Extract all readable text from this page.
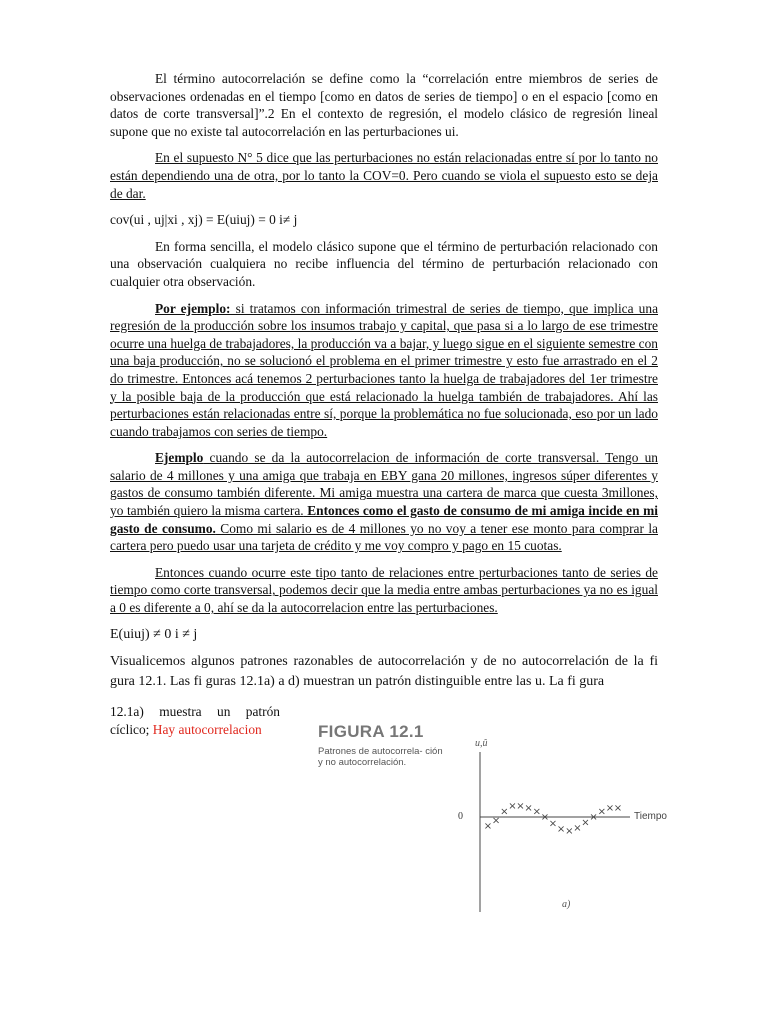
El término autocorrelación se define como la “correlación entre miembros de series de observaciones ordenadas en el tiempo [como en datos de series de tiempo] o en el espacio [como en datos de corte transversal]”.2 En el contexto de regresión, el modelo clásico de regresión lineal supone que no existe tal autocorrelación en las perturbaciones ui.

En el supuesto N° 5 dice que las perturbaciones no están relacionadas entre sí por lo tanto no están dependiendo una de otra, por lo tanto la COV=0. Pero cuando se viola el supuesto esto se deja de dar.

cov(ui , uj|xi , xj) = E(uiuj) = 0 i≠ j

En forma sencilla, el modelo clásico supone que el término de perturbación relacionado con una observación cualquiera no recibe influencia del término de perturbación relacionado con cualquier otra observación.

Por ejemplo: si tratamos con información trimestral de series de tiempo, que implica una regresión de la producción sobre los insumos trabajo y capital, que pasa si a lo largo de ese trimestre ocurre una huelga de trabajadores, la producción va a bajar, y luego sigue en el siguiente semestre con una baja producción, no se solucionó el problema en el primer trimestre y esto fue arrastrado en el 2 do trimestre. Entonces acá tenemos 2 perturbaciones tanto la huelga de trabajadores del 1er trimestre y la posible baja de la producción que está relacionado la huelga también de trabajadores. Ahí las perturbaciones están relacionadas entre sí, porque la problemática no fue solucionada, eso por un lado cuando trabajamos con series de tiempo.

Ejemplo cuando se da la autocorrelacion de información de corte transversal. Tengo un salario de 4 millones y una amiga que trabaja en EBY gana 20 millones, ingresos súper diferentes y gastos de consumo también diferente. Mi amiga muestra una cartera de marca que cuesta 3millones, yo también quiero la misma cartera. Entonces como el gasto de consumo de mi amiga incide en mi gasto de consumo. Como mi salario es de 4 millones yo no voy a tener ese monto para comprar la cartera pero puedo usar una tarjeta de crédito y me voy compro y pago en 15 cuotas.

Entonces cuando ocurre este tipo tanto de relaciones entre perturbaciones tanto de series de tiempo como corte transversal, podemos decir que la media entre ambas perturbaciones ya no es igual a 0 es diferente a 0, ahí se da la autocorrelacion entre las perturbaciones.

E(uiuj) ≠ 0 i ≠ j

Visualicemos algunos patrones razonables de autocorrelación y de no autocorrelación de la fi gura 12.1. Las fi guras 12.1a) a d) muestran un patrón distinguible entre las u. La fi gura

12.1a) muestra un patrón cíclico; Hay autocorrelacion	FIGURA 12.1
Patrones de autocorrela- ción y no autocorrelación.
u,û
0	Tiempo
a)
× ×
× × × × × ×
× × × × × × × × ×
